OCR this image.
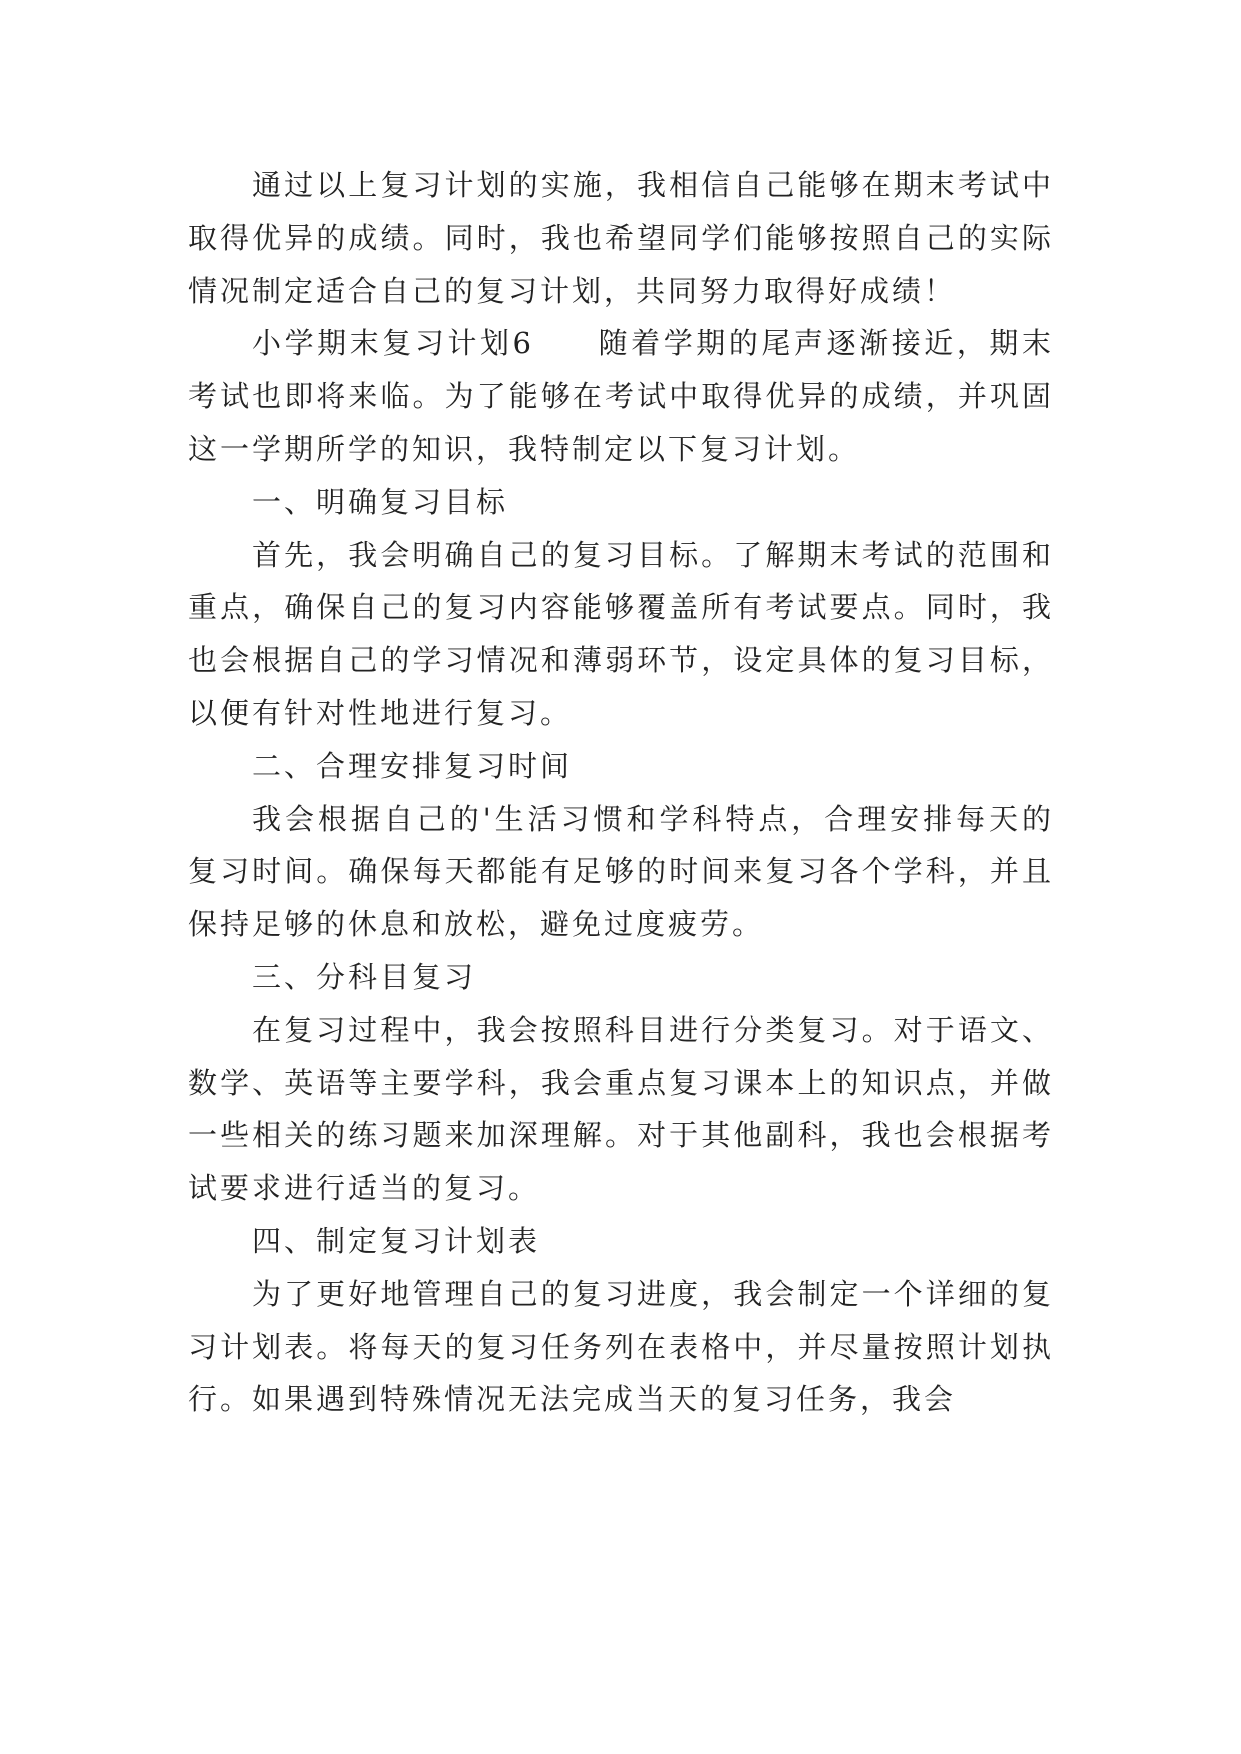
通过以上复习计划的实施，我相信自己能够在期末考试中取得优异的成绩。同时，我也希望同学们能够按照自己的实际情况制定适合自己的复习计划，共同努力取得好成绩！

小学期末复习计划6 随着学期的尾声逐渐接近，期末考试也即将来临。为了能够在考试中取得优异的成绩，并巩固这一学期所学的知识，我特制定以下复习计划。

一、明确复习目标

首先，我会明确自己的复习目标。了解期末考试的范围和重点，确保自己的复习内容能够覆盖所有考试要点。同时，我也会根据自己的学习情况和薄弱环节，设定具体的复习目标，以便有针对性地进行复习。

二、合理安排复习时间

我会根据自己的'生活习惯和学科特点，合理安排每天的复习时间。确保每天都能有足够的时间来复习各个学科，并且保持足够的休息和放松，避免过度疲劳。

三、分科目复习

在复习过程中，我会按照科目进行分类复习。对于语文、数学、英语等主要学科，我会重点复习课本上的知识点，并做一些相关的练习题来加深理解。对于其他副科，我也会根据考试要求进行适当的复习。

四、制定复习计划表

为了更好地管理自己的复习进度，我会制定一个详细的复习计划表。将每天的复习任务列在表格中，并尽量按照计划执行。如果遇到特殊情况无法完成当天的复习任务，我会
